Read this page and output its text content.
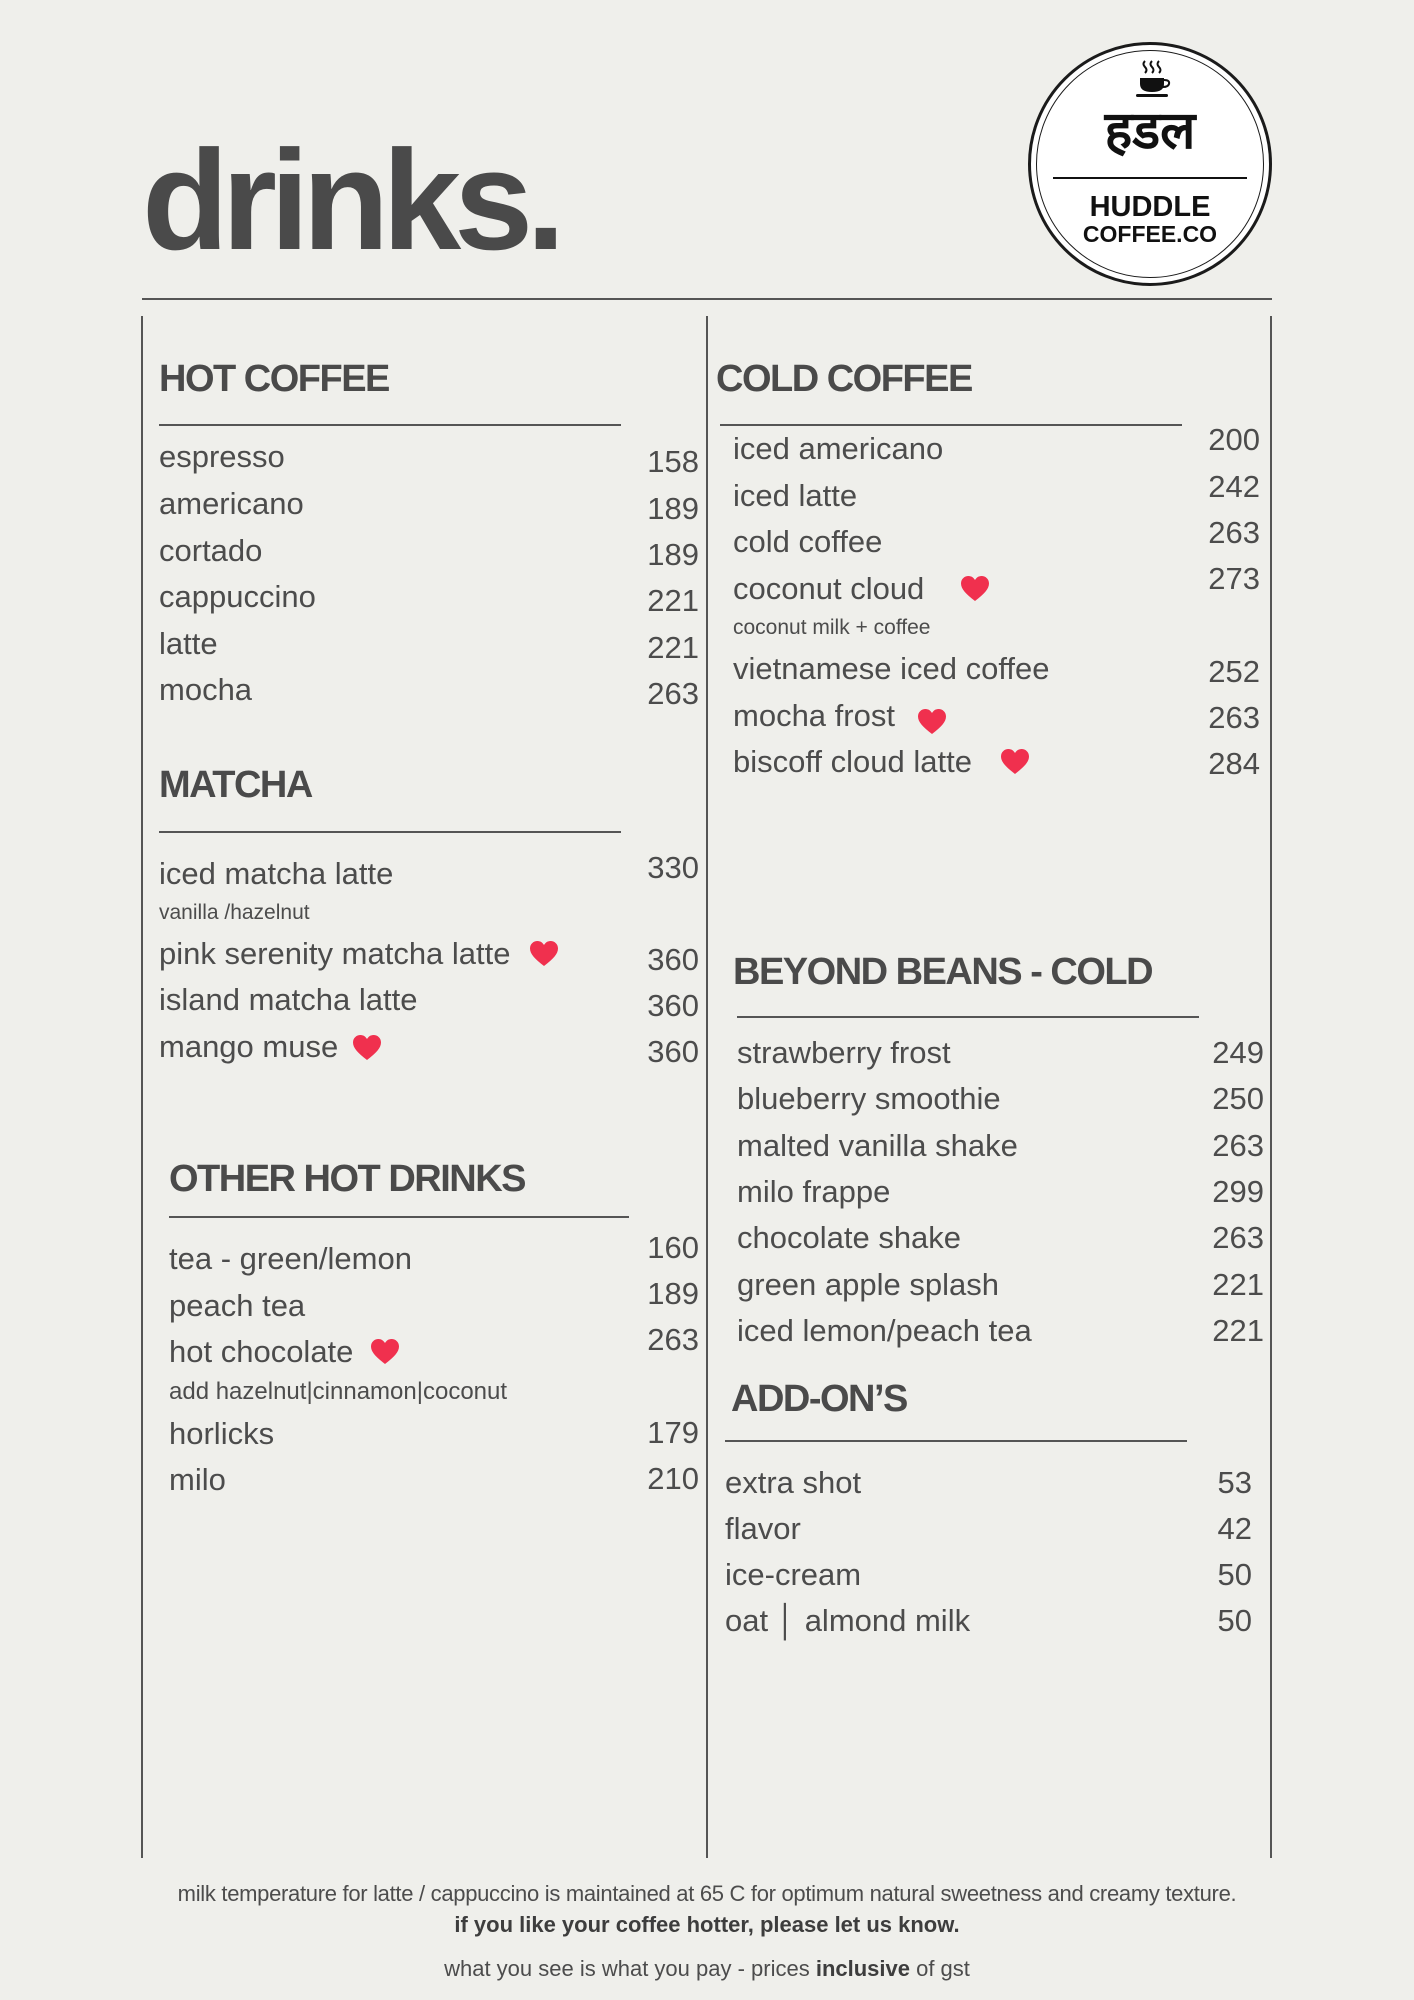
drinks.	हडल
HUDDLE
COFFEE.CO
HOT COFFEE
espresso	158
americano	189
cortado	189
cappuccino	221
latte	221
mocha	263
MATCHA
iced matcha latte	330
vanilla /hazelnut
pink serenity matcha latte	360
island matcha latte	360
mango muse	360
OTHER HOT DRINKS
tea - green/lemon	160
peach tea	189
hot chocolate	263
add hazelnut|cinnamon|coconut
horlicks	179
milo	210
COLD COFFEE
iced americano	200
iced latte	242
cold coffee	263
coconut cloud	273
coconut milk + coffee
vietnamese iced coffee	252
mocha frost	263
biscoff cloud latte	284
BEYOND BEANS - COLD
strawberry frost	249
blueberry smoothie	250
malted vanilla shake	263
milo frappe	299
chocolate shake	263
green apple splash	221
iced lemon/peach tea	221
ADD-ON’S
extra shot	53
flavor	42
ice-cream	50
oat │ almond milk	50
milk temperature for latte / cappuccino is maintained at 65 C for optimum natural sweetness and creamy texture.
if you like your coffee hotter, please let us know.
what you see is what you pay - prices inclusive of gst
